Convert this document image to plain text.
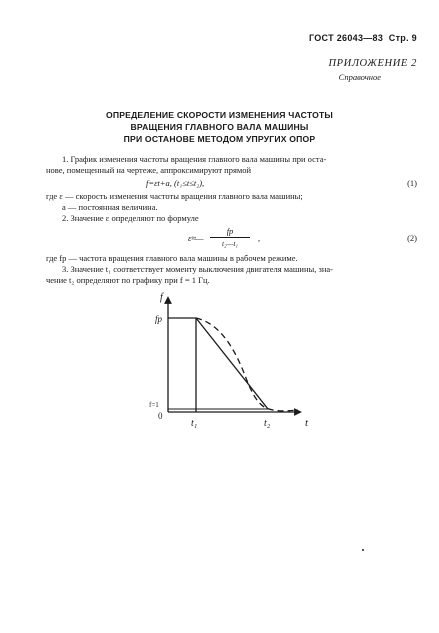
ГОСТ 26043—83 Стр. 9
ПРИЛОЖЕНИЕ 2
Справочное
ОПРЕДЕЛЕНИЕ СКОРОСТИ ИЗМЕНЕНИЯ ЧАСТОТЫ
ВРАЩЕНИЯ ГЛАВНОГО ВАЛА МАШИНЫ
ПРИ ОСТАНОВЕ МЕТОДОМ УПРУГИХ ОПОР
1. График изменения частоты вращения главного вала машины при оста-
нове, помещенный на чертеже, аппроксимируют прямой
f=εt+a, (t₁≤t≤t₂),	(1)
где ε — скорость изменения частоты вращения главного вала машины;
a — постоянная величина.
2. Значение ε определяют по формуле
ε≈—
fp
t₂—t₁
,	(2)
где fp — частота вращения главного вала машины в рабочем режиме.
3. Значение t₁ соответствует моменту выключения двигателя машины, зна-
чение t₂ определяют по графику при f = 1 Гц.
f
fp
f=1
0
t₁	t₂	t
